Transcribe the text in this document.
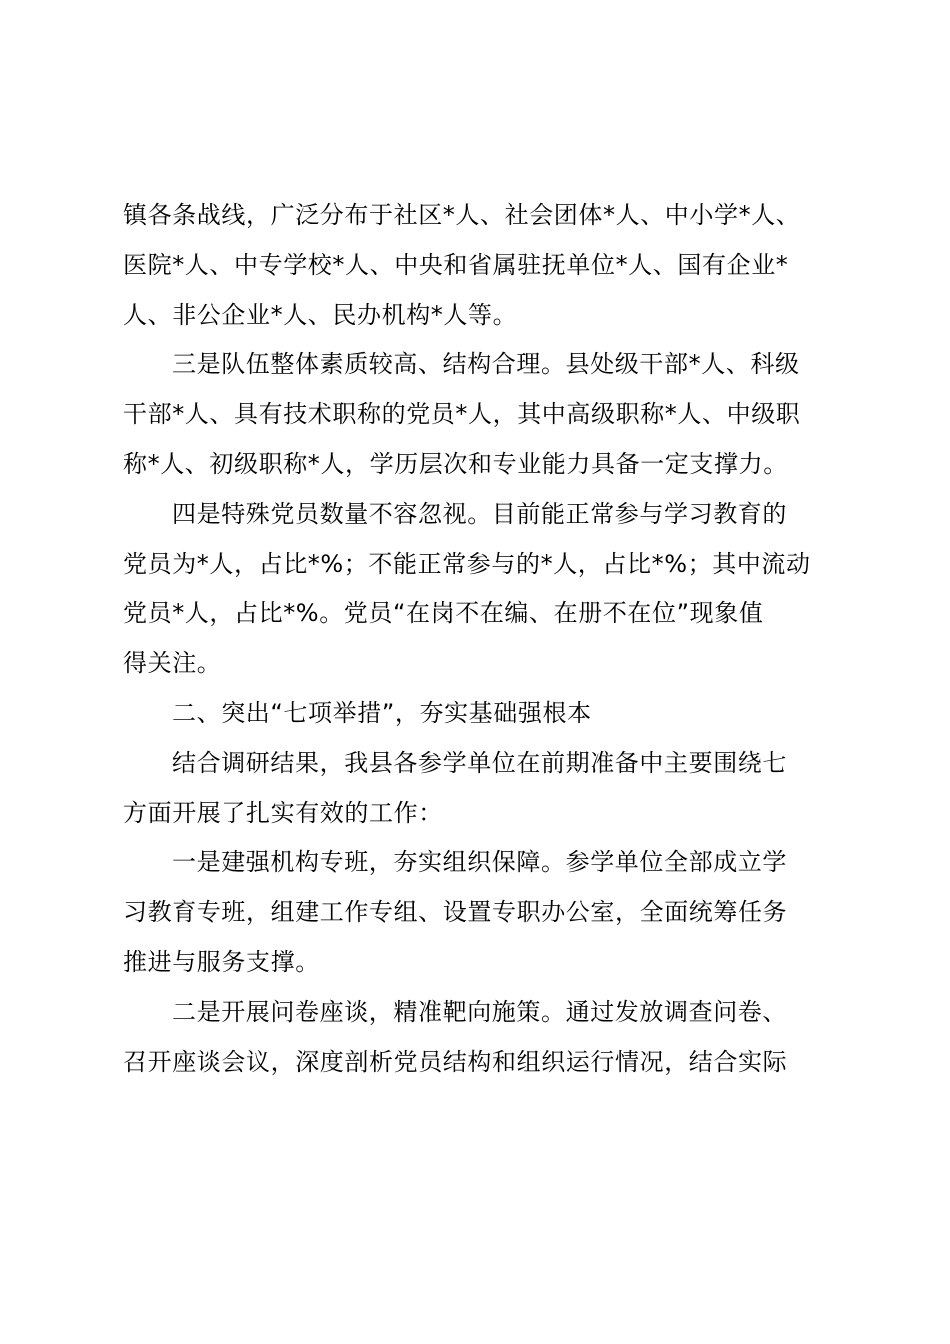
镇各条战线，广泛分布于社区*人、社会团体*人、中小学*人、
医院*人、中专学校*人、中央和省属驻抚单位*人、国有企业*
人、非公企业*人、民办机构*人等。
三是队伍整体素质较高、结构合理。县处级干部*人、科级
干部*人、具有技术职称的党员*人，其中高级职称*人、中级职
称*人、初级职称*人，学历层次和专业能力具备一定支撑力。
四是特殊党员数量不容忽视。目前能正常参与学习教育的
党员为*人，占比*%；不能正常参与的*人，占比*%；其中流动
党员*人，占比*%。党员“在岗不在编、在册不在位”现象值
得关注。
二、突出“七项举措”，夯实基础强根本
结合调研结果，我县各参学单位在前期准备中主要围绕七
方面开展了扎实有效的工作：
一是建强机构专班，夯实组织保障。参学单位全部成立学
习教育专班，组建工作专组、设置专职办公室，全面统筹任务
推进与服务支撑。
二是开展问卷座谈，精准靶向施策。通过发放调查问卷、
召开座谈会议，深度剖析党员结构和组织运行情况，结合实际
